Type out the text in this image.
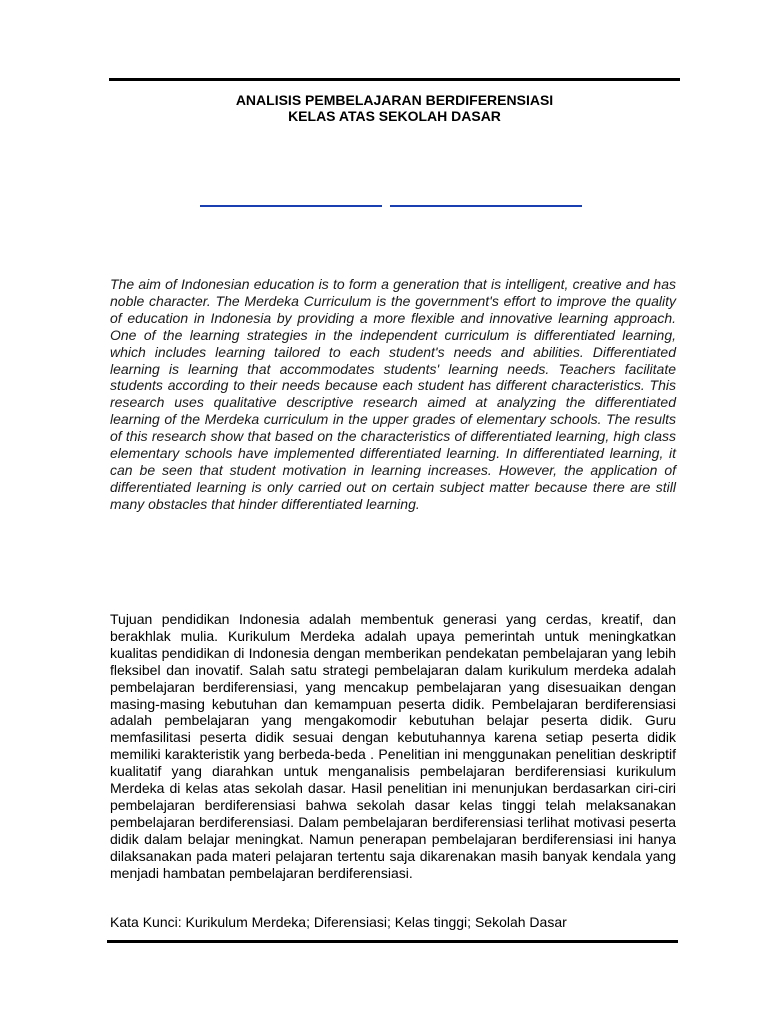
ANALISIS PEMBELAJARAN BERDIFERENSIASI
KELAS ATAS SEKOLAH DASAR
The aim of Indonesian education is to form a generation that is intelligent, creative and has noble character. The Merdeka Curriculum is the government's effort to improve the quality of education in Indonesia by providing a more flexible and innovative learning approach. One of the learning strategies in the independent curriculum is differentiated learning, which includes learning tailored to each student's needs and abilities. Differentiated learning is learning that accommodates students' learning needs. Teachers facilitate students according to their needs because each student has different characteristics. This research uses qualitative descriptive research aimed at analyzing the differentiated learning of the Merdeka curriculum in the upper grades of elementary schools. The results of this research show that based on the characteristics of differentiated learning, high class elementary schools have implemented differentiated learning. In differentiated learning, it can be seen that student motivation in learning increases. However, the application of differentiated learning is only carried out on certain subject matter because there are still many obstacles that hinder differentiated learning.
Tujuan pendidikan Indonesia adalah membentuk generasi yang cerdas, kreatif, dan berakhlak mulia. Kurikulum Merdeka adalah upaya pemerintah untuk meningkatkan kualitas pendidikan di Indonesia dengan memberikan pendekatan pembelajaran yang lebih fleksibel dan inovatif. Salah satu strategi pembelajaran dalam kurikulum merdeka adalah pembelajaran berdiferensiasi, yang mencakup pembelajaran yang disesuaikan dengan masing-masing kebutuhan dan kemampuan peserta didik. Pembelajaran berdiferensiasi adalah pembelajaran yang mengakomodir kebutuhan belajar peserta didik. Guru memfasilitasi peserta didik sesuai dengan kebutuhannya karena setiap peserta didik memiliki karakteristik yang berbeda-beda . Penelitian ini menggunakan penelitian deskriptif kualitatif yang diarahkan untuk menganalisis pembelajaran berdiferensiasi kurikulum Merdeka di kelas atas sekolah dasar. Hasil penelitian ini menunjukan berdasarkan ciri-ciri pembelajaran berdiferensiasi bahwa sekolah dasar kelas tinggi telah melaksanakan pembelajaran berdiferensiasi. Dalam pembelajaran berdiferensiasi terlihat motivasi peserta didik dalam belajar meningkat. Namun penerapan pembelajaran berdiferensiasi ini hanya dilaksanakan pada materi pelajaran tertentu saja dikarenakan masih banyak kendala yang menjadi hambatan pembelajaran berdiferensiasi.
Kata Kunci: Kurikulum Merdeka; Diferensiasi; Kelas tinggi; Sekolah Dasar
